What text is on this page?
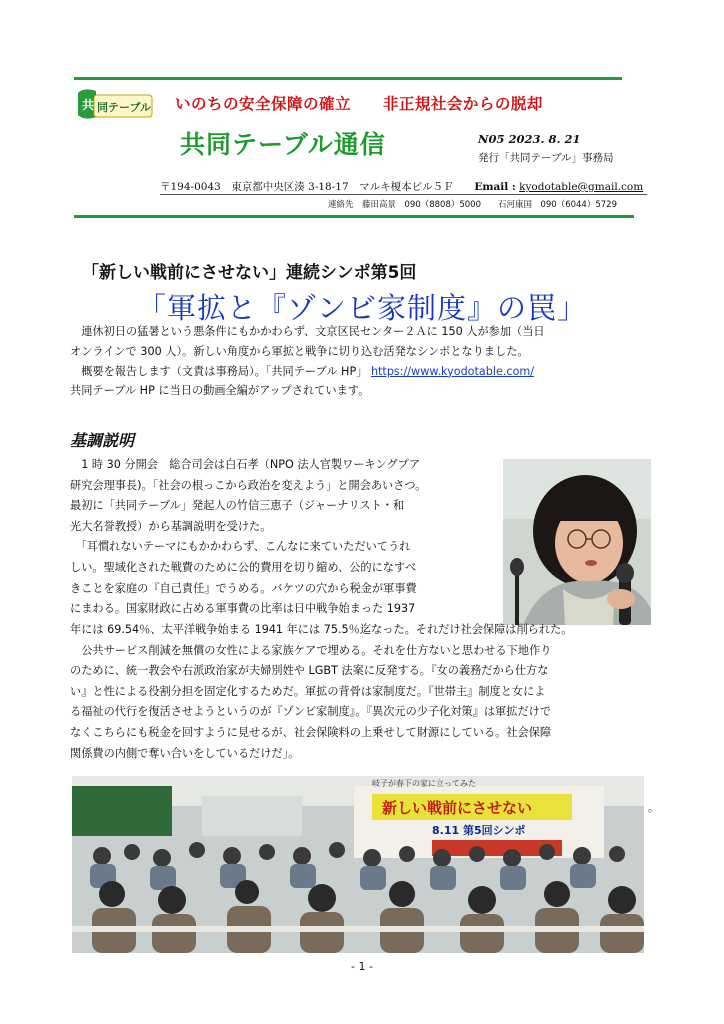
共 同テーブル いのちの安全保障の確立 非正規社会からの脱却
共同テーブル通信	N05 2023. 8. 21
発行「共同テーブル」事務局
〒194-0043　東京都中央区湊 3-18-17　マルキ榎本ビル５Ｆ Email : kyodotable@gmail.com
連絡先　藤田高景　090（8808）5000　　石河康国　090（6044）5729
「新しい戦前にさせない」連続シンポ第5回
「軍拡と『ゾンビ家制度』の罠」

　連休初日の猛暑という悪条件にもかかわらず、文京区民センター２Ａに 150 人が参加（当日

オンラインで 300 人）。新しい角度から軍拡と戦争に切り込む活発なシンポとなりました。

　概要を報告します（文責は事務局）。「共同テーブル HP」 https://www.kyodotable.com/

共同テーブル HP に当日の動画全編がアップされています。

基調説明

　1 時 30 分開会　総合司会は白石孝（NPO 法人官製ワーキングプア

研究会理事長)。「社会の根っこから政治を変えよう」と開会あいさつ。

最初に「共同テーブル」発起人の竹信三恵子（ジャーナリスト・和

光大名誉教授）から基調説明を受けた。

　「耳慣れないテーマにもかかわらず、こんなに来ていただいてうれ

しい。聖域化された戦費のために公的費用を切り縮め、公的になすべ

きことを家庭の『自己責任』でうめる。バケツの穴から税金が軍事費

にまわる。国家財政に占める軍事費の比率は日中戦争始まった 1937

年には 69.54％、太平洋戦争始まる 1941 年には 75.5％迄なった。それだけ社会保障は削られた。

　公共サービス削減を無償の女性による家族ケアで埋める。それを仕方ないと思わせる下地作り

のために、統一教会や右派政治家が夫婦別姓や LGBT 法案に反発する。『女の義務だから仕方な

い』と性による役割分担を固定化するためだ。軍拡の背骨は家制度だ。『世帯主』制度と女によ

る福祉の代行を復活させようというのが『ゾンビ家制度』。『異次元の少子化対策』は軍拡だけで

なくこちらにも税金を回すように見せるが、社会保険料の上乗せして財源にしている。社会保障

関係費の内側で奪い合いをしているだけだ」。

岐子が春下の家に立ってみた
新しい戦前にさせない
8.11 第5回シンポ
。
- 1 -
